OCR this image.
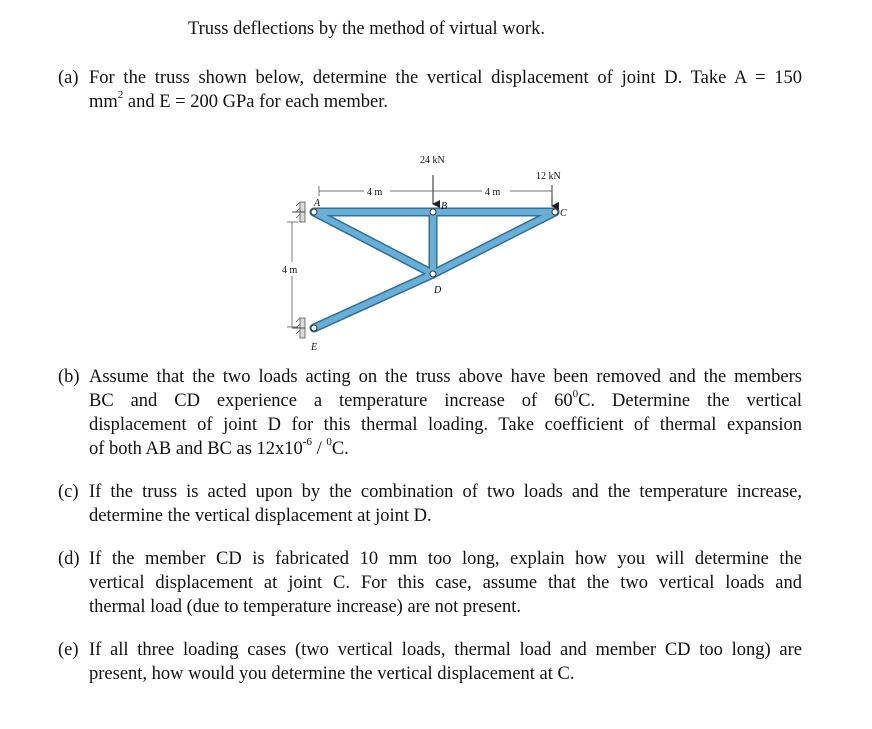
Truss deflections by the method of virtual work.
(a) For the truss shown below, determine the vertical displacement of joint D. Take A = 150
$mm^2$ and E = 200 GPa for each member.
24 kN
12 kN
4 m	4 m
4 m
A	B
C
D
E
(b) Assume that the two loads acting on the truss above have been removed and the members
BC and CD experience a temperature increase of $60^0C$. Determine the vertical
displacement of joint D for this thermal loading. Take coefficient of thermal expansion
of both AB and BC as $12x10^{-6} / ^0C$.
(c) If the truss is acted upon by the combination of two loads and the temperature increase,
determine the vertical displacement at joint D.
(d) If the member CD is fabricated 10 mm too long, explain how you will determine the
vertical displacement at joint C. For this case, assume that the two vertical loads and
thermal load (due to temperature increase) are not present.
(e) If all three loading cases (two vertical loads, thermal load and member CD too long) are
present, how would you determine the vertical displacement at C.
